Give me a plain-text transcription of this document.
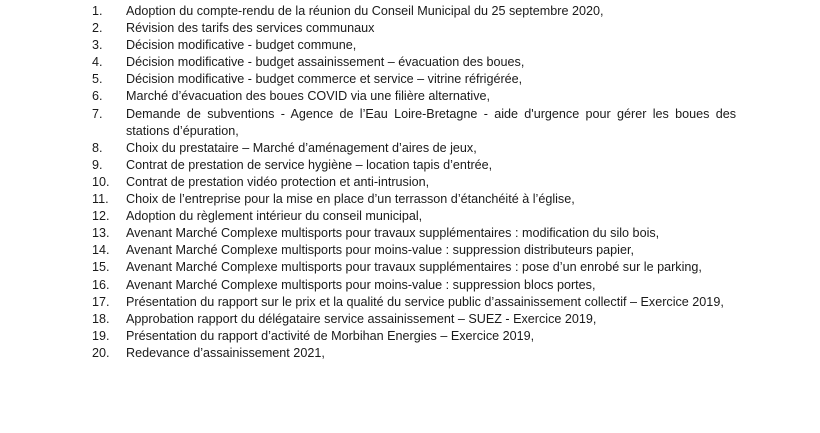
1.	Adoption du compte-rendu de la réunion du Conseil Municipal du 25 septembre 2020,
2.	Révision des tarifs des services communaux
3.	Décision modificative - budget commune,
4.	Décision modificative - budget assainissement – évacuation des boues,
5.	Décision modificative - budget commerce et service – vitrine réfrigérée,
6.	Marché d’évacuation des boues COVID via une filière alternative,
7.	Demande de subventions - Agence de l’Eau Loire-Bretagne - aide d'urgence pour gérer les boues des stations d’épuration,
8.	Choix du prestataire – Marché d’aménagement d’aires de jeux,
9.	Contrat de prestation de service hygiène – location tapis d’entrée,
10.	Contrat de prestation vidéo protection et anti-intrusion,
11.	Choix de l’entreprise pour la mise en place d’un terrasson d’étanchéité à l’église,
12.	Adoption du règlement intérieur du conseil municipal,
13.	Avenant Marché Complexe multisports pour travaux supplémentaires : modification du silo bois,
14.	Avenant Marché Complexe multisports pour moins-value : suppression distributeurs papier,
15.	Avenant Marché Complexe multisports pour travaux supplémentaires : pose d’un enrobé sur le parking,
16.	Avenant Marché Complexe multisports pour moins-value : suppression blocs portes,
17.	Présentation du rapport sur le prix et la qualité du service public d’assainissement collectif – Exercice 2019,
18.	Approbation rapport du délégataire service assainissement – SUEZ - Exercice 2019,
19.	Présentation du rapport d’activité de Morbihan Energies – Exercice 2019,
20.	Redevance d’assainissement 2021,
